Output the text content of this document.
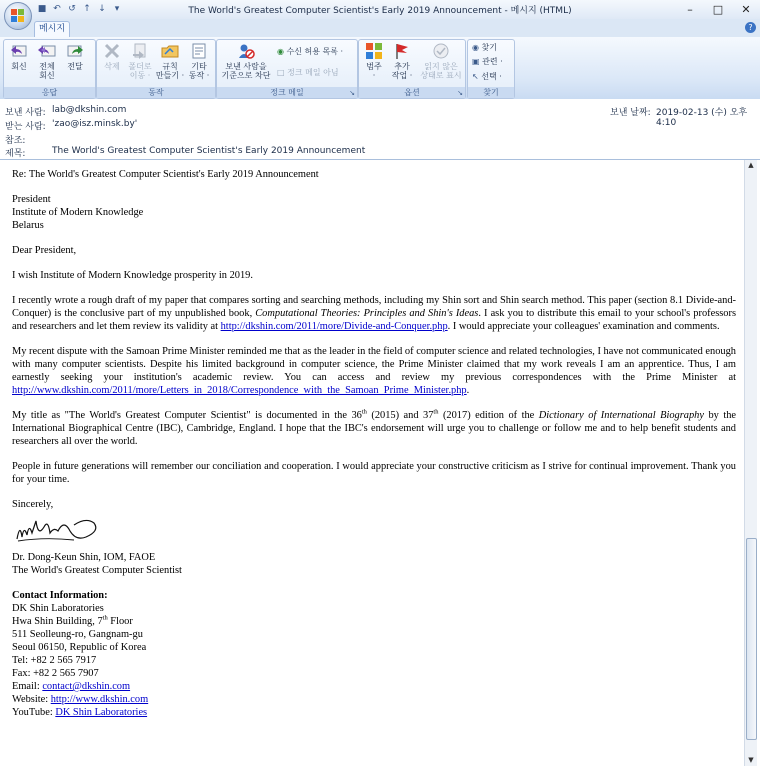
■ ↶ ↺ ↑ ↓ ▾	The World's Greatest Computer Scientist's Early 2019 Announcement - 메시지 (HTML)	–	□	✕
메시지	?
회신	전체
회신
전달
응답
삭제	폴더로
이동 ·
규칙
만들기 ·
기타
동작 ·
동작
보낸 사람을
기준으로 차단
◉ 수신 허용 목록 ·
□ 정크 메일 아님
정크 메일	↘
범주
·
추가
작업 ·
읽지 않은
상태로 표시
옵션	↘
◉ 찾기
▣ 관련 ·
↖ 선택 ·
찾기
보낸 사람: lab@dkshin.com
받는 사람: 'zao@isz.minsk.by'
참조:
제목:	The World's Greatest Computer Scientist's Early 2019 Announcement
보낸 날짜: 2019-02-13 (수) 오후 4:10

Re: The World's Greatest Computer Scientist's Early 2019 Announcement

President
Institute of Modern Knowledge
Belarus

Dear President,

I wish Institute of Modern Knowledge prosperity in 2019.

I recently wrote a rough draft of my paper that compares sorting and searching methods, including my Shin sort and Shin search method. This paper (section 8.1 Divide-and-Conquer) is the conclusive part of my unpublished book, Computational Theories: Principles and Shin's Ideas. I ask you to distribute this email to your school's professors and researchers and let them review its validity at http://dkshin.com/2011/more/Divide-and-Conquer.php. I would appreciate your colleagues' examination and comments.

My recent dispute with the Samoan Prime Minister reminded me that as the leader in the field of computer science and related technologies, I have not communicated enough with many computer scientists. Despite his limited background in computer science, the Prime Minister claimed that my work reveals I am an apprentice. Thus, I am earnestly seeking your institution's academic review. You can access and review my previous correspondences with the Prime Minister at http://www.dkshin.com/2011/more/Letters_in_2018/Correspondence_with_the_Samoan_Prime_Minister.php.

My title as "The World's Greatest Computer Scientist" is documented in the 36th (2015) and 37th (2017) edition of the Dictionary of International Biography by the International Biographical Centre (IBC), Cambridge, England. I hope that the IBC's endorsement will urge you to challenge or follow me and to help benefit students and researchers all over the world.

People in future generations will remember our conciliation and cooperation. I would appreciate your constructive criticism as I strive for continual improvement. Thank you for your time.

Sincerely,
Dr. Dong-Keun Shin, IOM, FAOE

The World's Greatest Computer Scientist

Contact Information:
DK Shin Laboratories
Hwa Shin Building, 7th Floor
511 Seolleung-ro, Gangnam-gu
Seoul 06150, Republic of Korea
Tel: +82 2 565 7917
Fax: +82 2 565 7907
Email: contact@dkshin.com
Website: http://www.dkshin.com
YouTube: DK Shin Laboratories
▲
▼
